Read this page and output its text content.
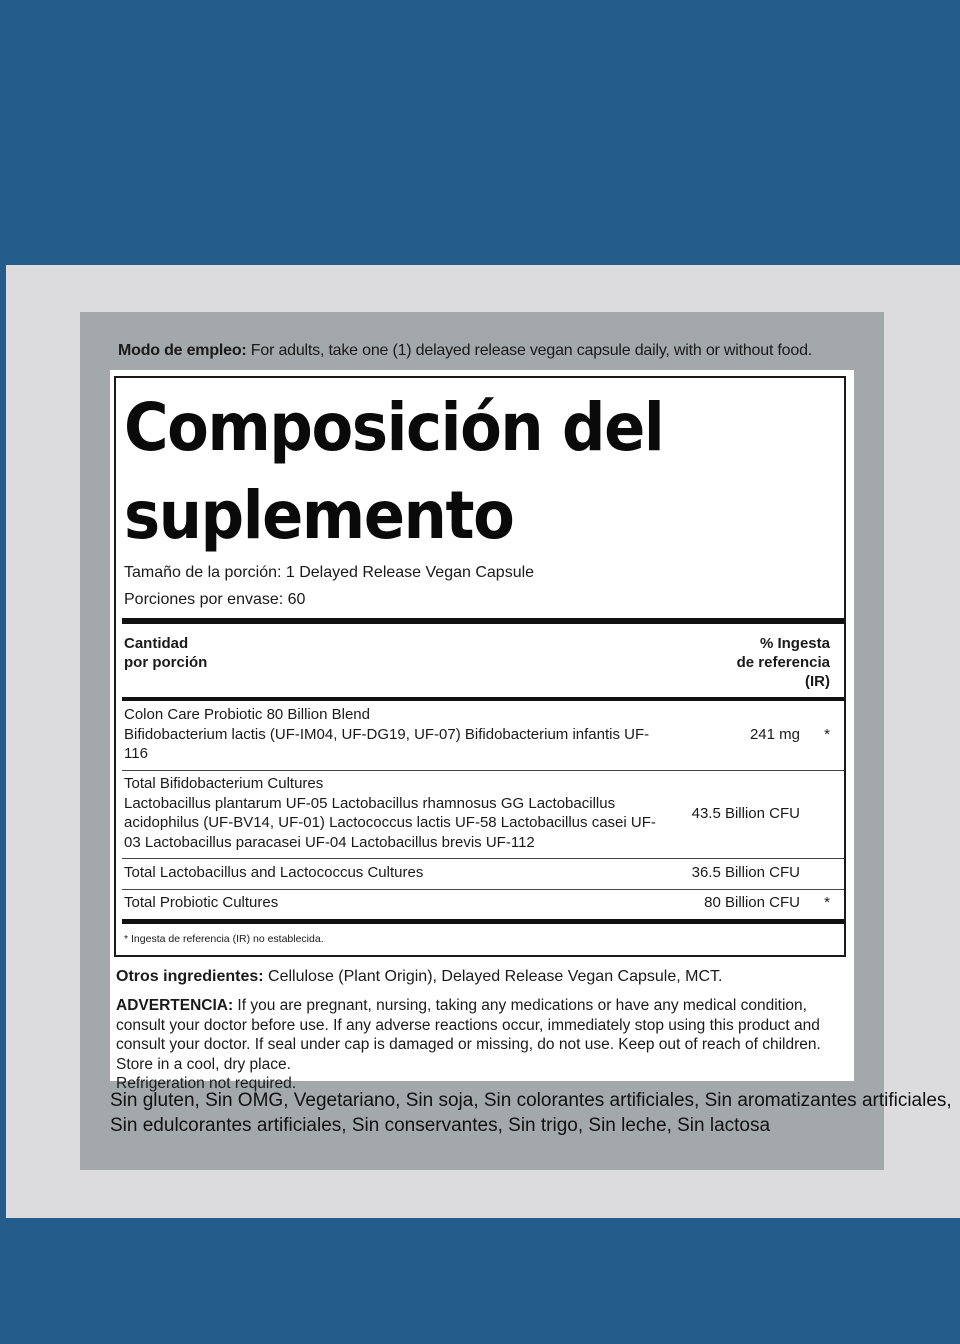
Modo de empleo: For adults, take one (1) delayed release vegan capsule daily, with or without food.
Composición del
suplemento
Tamaño de la porción: 1 Delayed Release Vegan Capsule
Porciones por envase: 60
Cantidad
por porción
% Ingesta
de referencia
(IR)
Colon Care Probiotic 80 Billion Blend
Bifidobacterium lactis (UF-IM04, UF-DG19, UF-07) Bifidobacterium infantis UF-
116
241 mg	*
Total Bifidobacterium Cultures
Lactobacillus plantarum UF-05 Lactobacillus rhamnosus GG Lactobacillus
acidophilus (UF-BV14, UF-01) Lactococcus lactis UF-58 Lactobacillus casei UF-
03 Lactobacillus paracasei UF-04 Lactobacillus brevis UF-112
43.5 Billion CFU
Total Lactobacillus and Lactococcus Cultures	36.5 Billion CFU
Total Probiotic Cultures	80 Billion CFU	*
* Ingesta de referencia (IR) no establecida.
Otros ingredientes: Cellulose (Plant Origin), Delayed Release Vegan Capsule, MCT.
ADVERTENCIA: If you are pregnant, nursing, taking any medications or have any medical condition, consult your doctor before use. If any adverse reactions occur, immediately stop using this product and consult your doctor. If seal under cap is damaged or missing, do not use. Keep out of reach of children. Store in a cool, dry place.
Refrigeration not required.
Sin gluten, Sin OMG, Vegetariano, Sin soja, Sin colorantes artificiales, Sin aromatizantes artificiales,
Sin edulcorantes artificiales, Sin conservantes, Sin trigo, Sin leche, Sin lactosa
